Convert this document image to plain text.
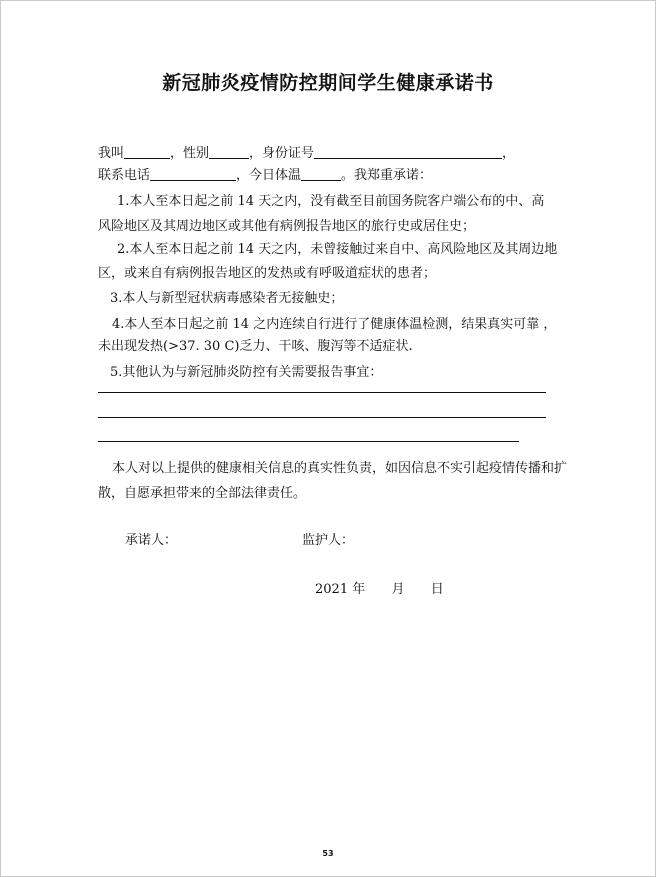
新冠肺炎疫情防控期间学生健康承诺书
我叫	，性别	，身份证号	，
联系电话	，今日体温	。我郑重承诺：
1.本人至本日起之前 14 天之内，没有截至目前国务院客户端公布的中、高
风险地区及其周边地区或其他有病例报告地区的旅行史或居住史；
2.本人至本日起之前 14 天之内，未曾接触过来自中、高风险地区及其周边地
区，或来自有病例报告地区的发热或有呼吸道症状的患者；
3.本人与新型冠状病毒感染者无接触史；
4.本人至本日起之前 14 之内连续自行进行了健康体温检测，结果真实可靠 ，
未出现发热(>37. 30 C)乏力、干咳、腹泻等不适症状.
5.其他认为与新冠肺炎防控有关需要报告事宜：
本人对以上提供的健康相关信息的真实性负责，如因信息不实引起疫情传播和扩
散，自愿承担带来的全部法律责任。
承诺人：	监护人：
2021 年 月 日
53
